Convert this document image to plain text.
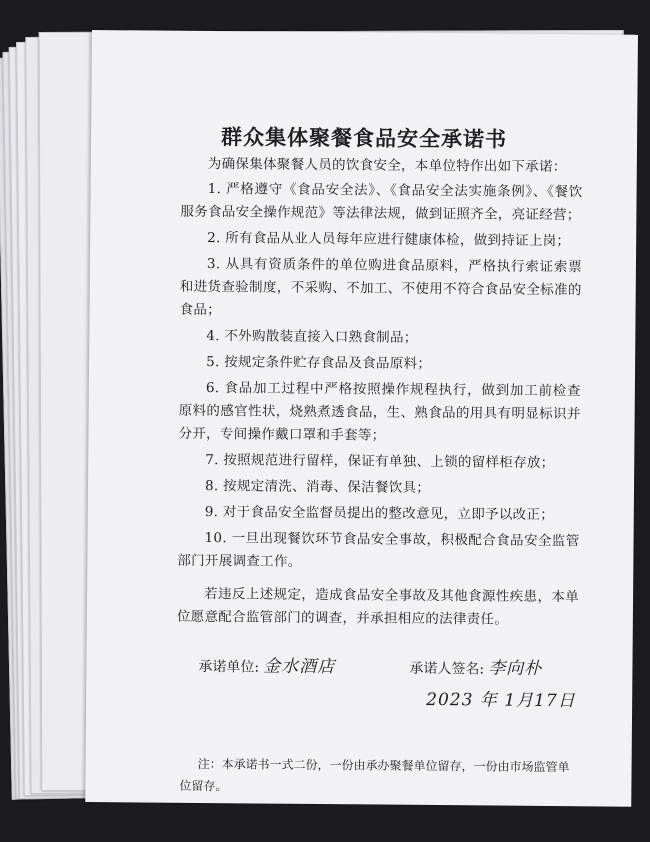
群众集体聚餐食品安全承诺书

为确保集体聚餐人员的饮食安全，本单位特作出如下承诺：

1. 严格遵守《食品安全法》、《食品安全法实施条例》、《餐饮服务食品安全操作规范》等法律法规，做到证照齐全，亮证经营；

2. 所有食品从业人员每年应进行健康体检，做到持证上岗；

3. 从具有资质条件的单位购进食品原料，严格执行索证索票和进货查验制度，不采购、不加工、不使用不符合食品安全标准的食品；

4. 不外购散装直接入口熟食制品；

5. 按规定条件贮存食品及食品原料；

6. 食品加工过程中严格按照操作规程执行，做到加工前检查原料的感官性状，烧熟煮透食品，生、熟食品的用具有明显标识并分开，专间操作戴口罩和手套等；

7. 按照规范进行留样，保证有单独、上锁的留样柜存放；

8. 按规定清洗、消毒、保洁餐饮具；

9. 对于食品安全监督员提出的整改意见，立即予以改正；

10. 一旦出现餐饮环节食品安全事故，积极配合食品安全监管部门开展调查工作。

若违反上述规定，造成食品安全事故及其他食源性疾患，本单位愿意配合监管部门的调查，并承担相应的法律责任。

承诺单位: 金水酒店	承诺人签名: 李向朴
2023 年 1月17日

注：本承诺书一式二份，一份由承办聚餐单位留存，一份由市场监管单位留存。
